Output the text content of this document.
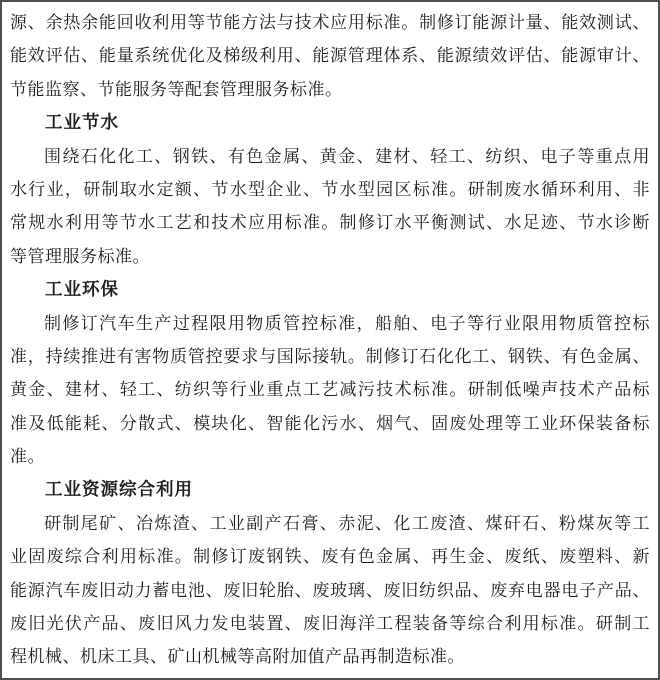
源、余热余能回收利用等节能方法与技术应用标准。制修订能源计量、能效测试、
能效评估、能量系统优化及梯级利用、能源管理体系、能源绩效评估、能源审计、
节能监察、节能服务等配套管理服务标准。
工业节水
围绕石化化工、钢铁、有色金属、黄金、建材、轻工、纺织、电子等重点用
水行业，研制取水定额、节水型企业、节水型园区标准。研制废水循环利用、非
常规水利用等节水工艺和技术应用标准。制修订水平衡测试、水足迹、节水诊断
等管理服务标准。
工业环保
制修订汽车生产过程限用物质管控标准，船舶、电子等行业限用物质管控标
准，持续推进有害物质管控要求与国际接轨。制修订石化化工、钢铁、有色金属、
黄金、建材、轻工、纺织等行业重点工艺减污技术标准。研制低噪声技术产品标
准及低能耗、分散式、模块化、智能化污水、烟气、固废处理等工业环保装备标
准。
工业资源综合利用
研制尾矿、冶炼渣、工业副产石膏、赤泥、化工废渣、煤矸石、粉煤灰等工
业固废综合利用标准。制修订废钢铁、废有色金属、再生金、废纸、废塑料、新
能源汽车废旧动力蓄电池、废旧轮胎、废玻璃、废旧纺织品、废弃电器电子产品、
废旧光伏产品、废旧风力发电装置、废旧海洋工程装备等综合利用标准。研制工
程机械、机床工具、矿山机械等高附加值产品再制造标准。
